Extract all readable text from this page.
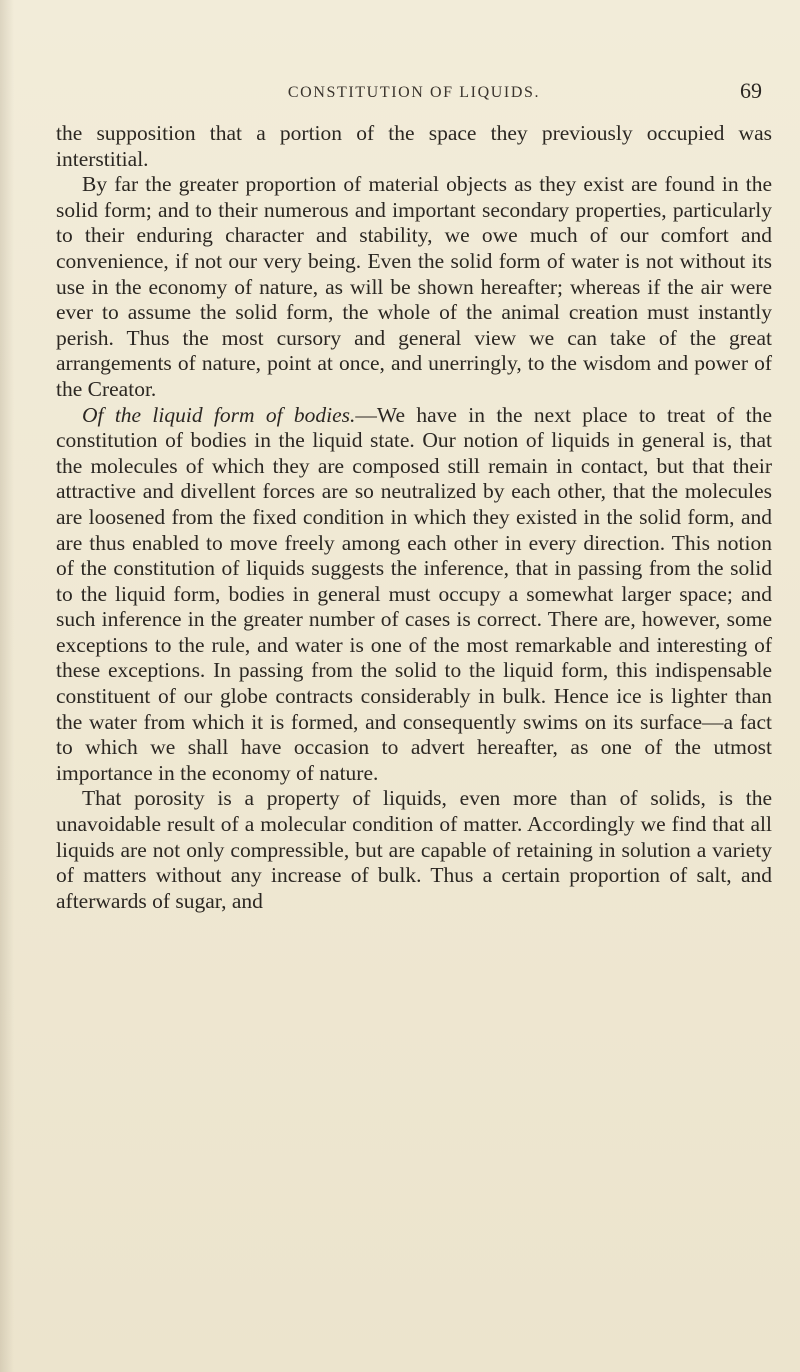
CONSTITUTION OF LIQUIDS.	69

the supposition that a portion of the space they previously occupied was interstitial.

By far the greater proportion of material objects as they exist are found in the solid form; and to their numerous and important secondary properties, particularly to their enduring character and stability, we owe much of our comfort and convenience, if not our very being. Even the solid form of water is not without its use in the economy of nature, as will be shown hereafter; whereas if the air were ever to assume the solid form, the whole of the animal creation must instantly perish. Thus the most cursory and general view we can take of the great arrangements of nature, point at once, and unerringly, to the wisdom and power of the Creator.

Of the liquid form of bodies.—We have in the next place to treat of the constitution of bodies in the liquid state. Our notion of liquids in general is, that the molecules of which they are composed still remain in contact, but that their attractive and divellent forces are so neutralized by each other, that the molecules are loosened from the fixed condition in which they existed in the solid form, and are thus enabled to move freely among each other in every direction. This notion of the constitution of liquids suggests the inference, that in passing from the solid to the liquid form, bodies in general must occupy a somewhat larger space; and such inference in the greater number of cases is correct. There are, however, some exceptions to the rule, and water is one of the most remarkable and interesting of these exceptions. In passing from the solid to the liquid form, this indispensable constituent of our globe contracts considerably in bulk. Hence ice is lighter than the water from which it is formed, and consequently swims on its surface—a fact to which we shall have occasion to advert hereafter, as one of the utmost importance in the economy of nature.

That porosity is a property of liquids, even more than of solids, is the unavoidable result of a molecular condition of matter. Accordingly we find that all liquids are not only compressible, but are capable of retaining in solution a variety of matters without any increase of bulk. Thus a certain proportion of salt, and afterwards of sugar, and
